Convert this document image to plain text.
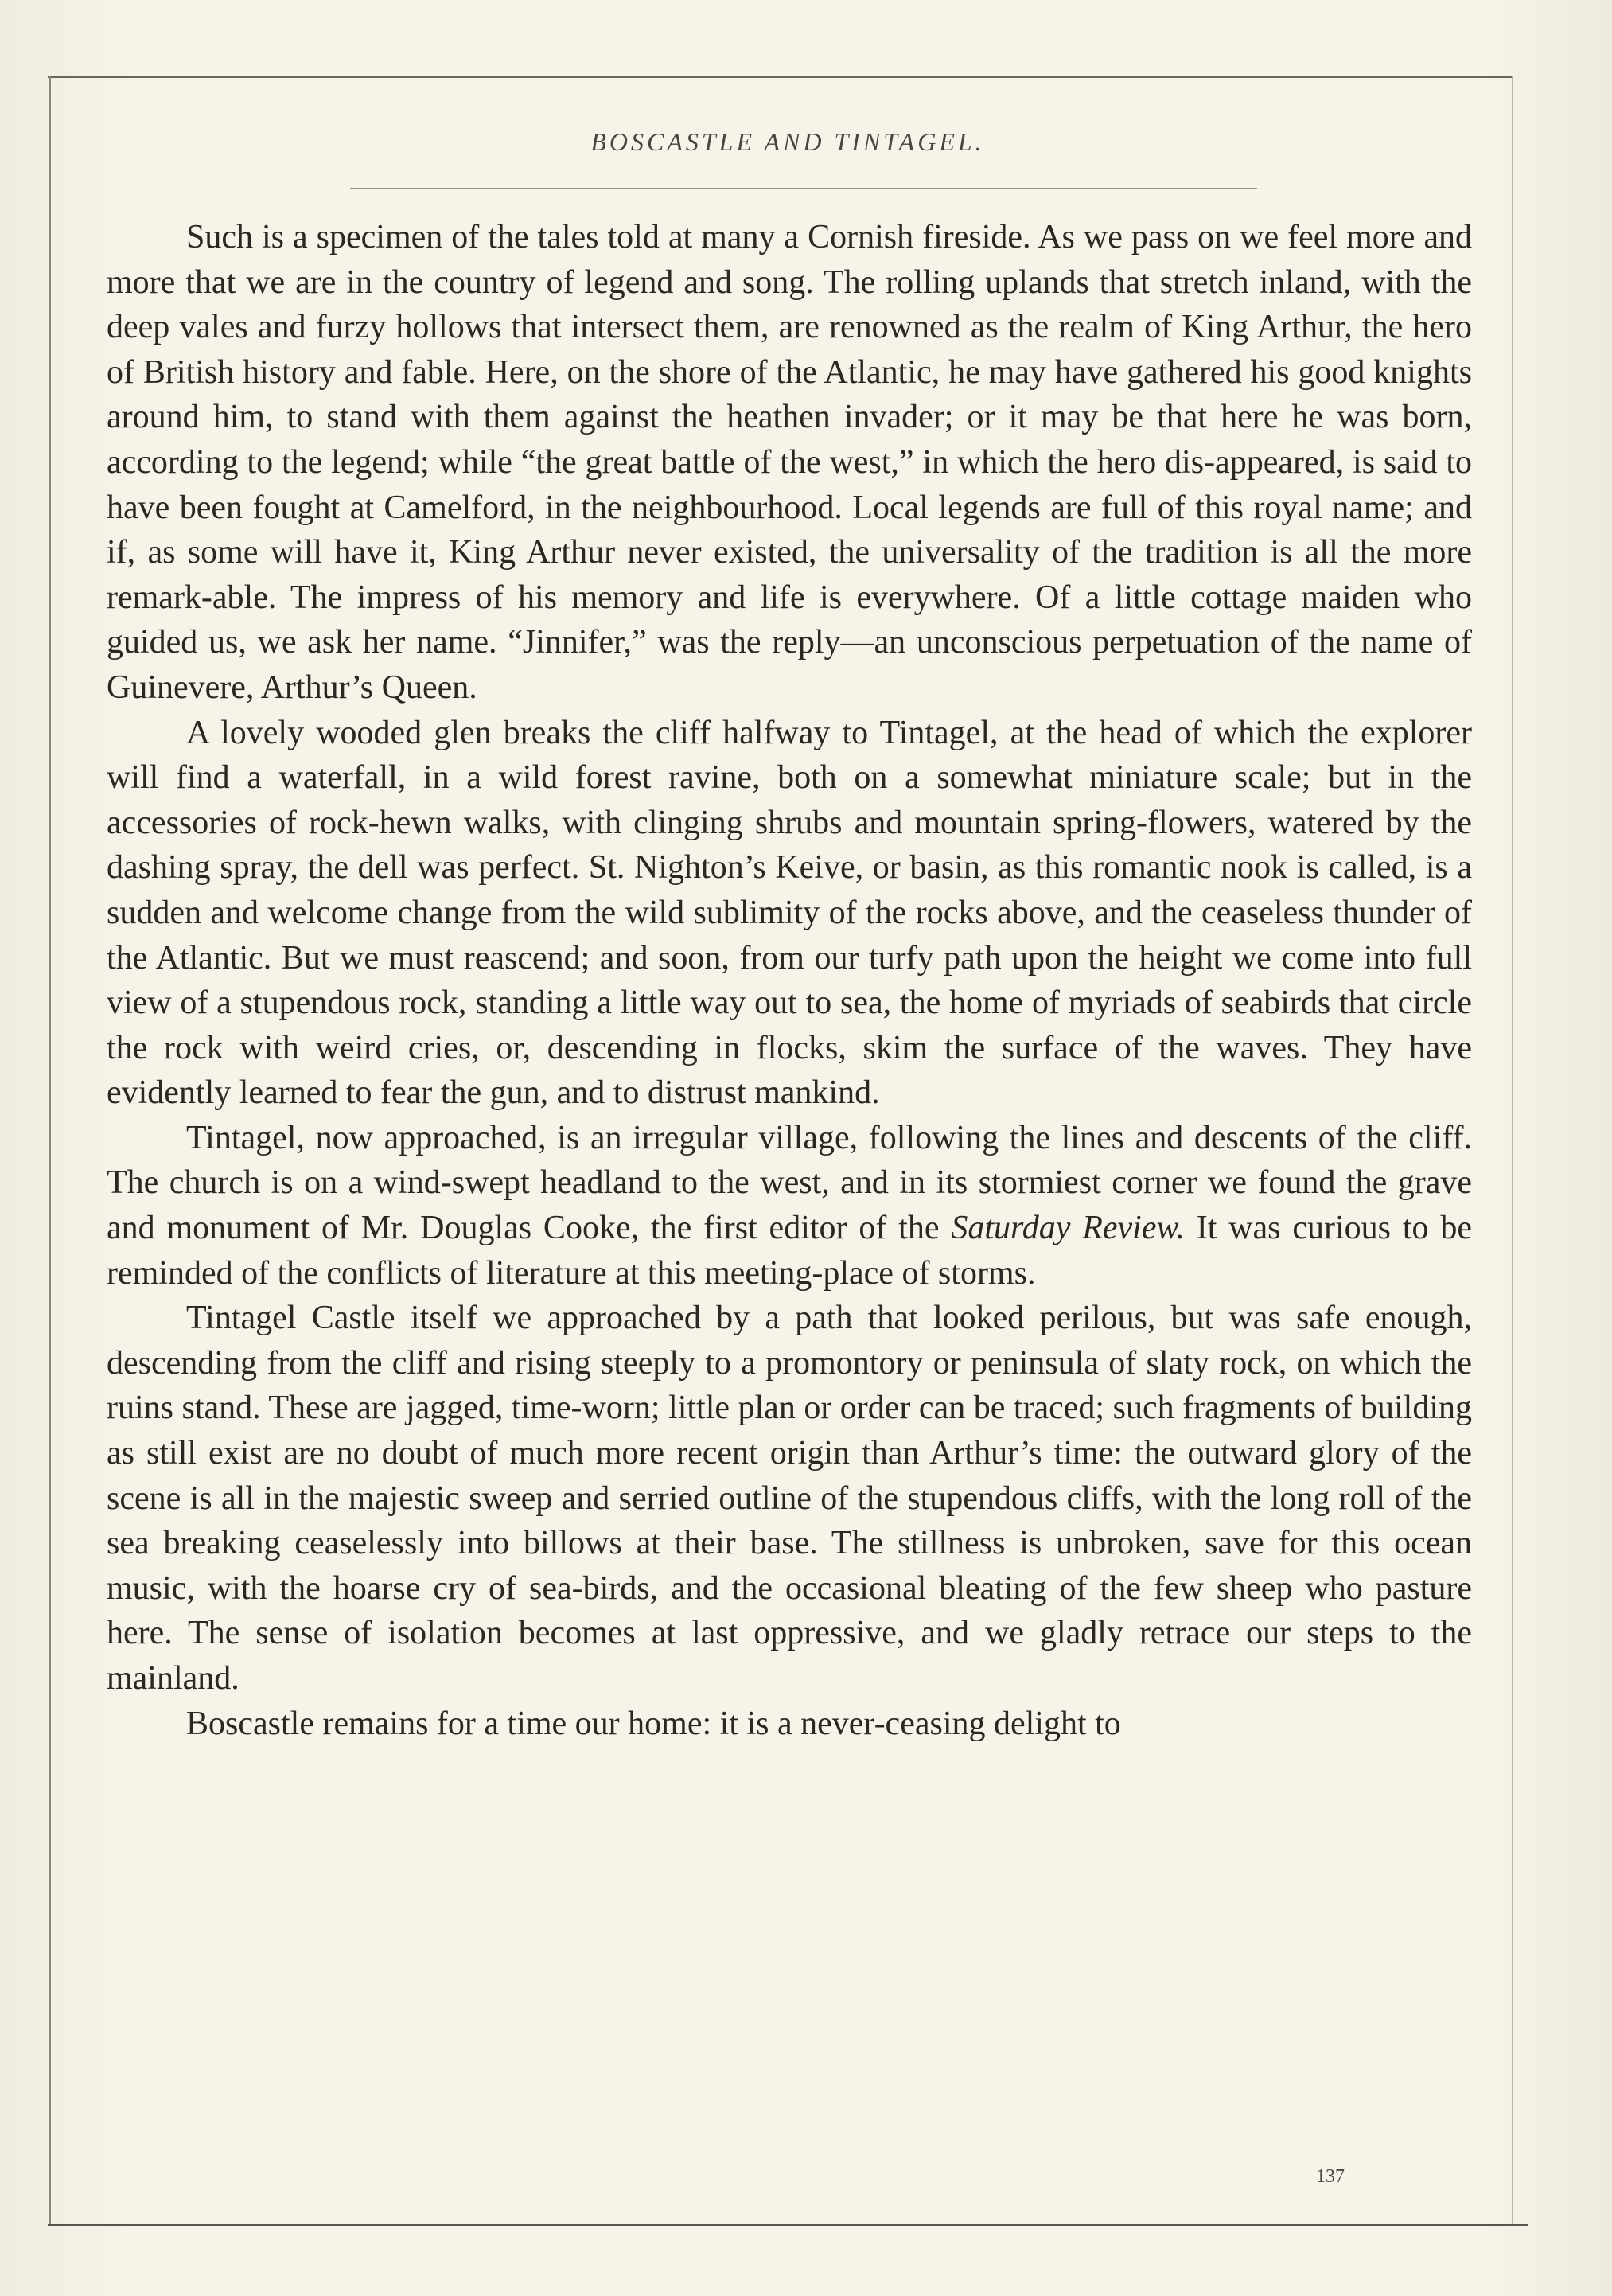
BOSCASTLE AND TINTAGEL.

Such is a specimen of the tales told at many a Cornish fireside. As we pass on we feel more and more that we are in the country of legend and song. The rolling uplands that stretch inland, with the deep vales and furzy hollows that intersect them, are renowned as the realm of King Arthur, the hero of British history and fable. Here, on the shore of the Atlantic, he may have gathered his good knights around him, to stand with them against the heathen invader; or it may be that here he was born, according to the legend; while “the great battle of the west,” in which the hero dis-appeared, is said to have been fought at Camelford, in the neighbourhood. Local legends are full of this royal name; and if, as some will have it, King Arthur never existed, the universality of the tradition is all the more remark-able. The impress of his memory and life is everywhere. Of a little cottage maiden who guided us, we ask her name. “Jinnifer,” was the reply—an unconscious perpetuation of the name of Guinevere, Arthur’s Queen.

A lovely wooded glen breaks the cliff halfway to Tintagel, at the head of which the explorer will find a waterfall, in a wild forest ravine, both on a somewhat miniature scale; but in the accessories of rock-hewn walks, with clinging shrubs and mountain spring-flowers, watered by the dashing spray, the dell was perfect. St. Nighton’s Keive, or basin, as this romantic nook is called, is a sudden and welcome change from the wild sublimity of the rocks above, and the ceaseless thunder of the Atlantic. But we must reascend; and soon, from our turfy path upon the height we come into full view of a stupendous rock, standing a little way out to sea, the home of myriads of seabirds that circle the rock with weird cries, or, descending in flocks, skim the surface of the waves. They have evidently learned to fear the gun, and to distrust mankind.

Tintagel, now approached, is an irregular village, following the lines and descents of the cliff. The church is on a wind-swept headland to the west, and in its stormiest corner we found the grave and monument of Mr. Douglas Cooke, the first editor of the Saturday Review. It was curious to be reminded of the conflicts of literature at this meeting-place of storms.

Tintagel Castle itself we approached by a path that looked perilous, but was safe enough, descending from the cliff and rising steeply to a promontory or peninsula of slaty rock, on which the ruins stand. These are jagged, time-worn; little plan or order can be traced; such fragments of building as still exist are no doubt of much more recent origin than Arthur’s time: the outward glory of the scene is all in the majestic sweep and serried outline of the stupendous cliffs, with the long roll of the sea breaking ceaselessly into billows at their base. The stillness is unbroken, save for this ocean music, with the hoarse cry of sea-birds, and the occasional bleating of the few sheep who pasture here. The sense of isolation becomes at last oppressive, and we gladly retrace our steps to the mainland.

Boscastle remains for a time our home: it is a never-ceasing delight to

137
